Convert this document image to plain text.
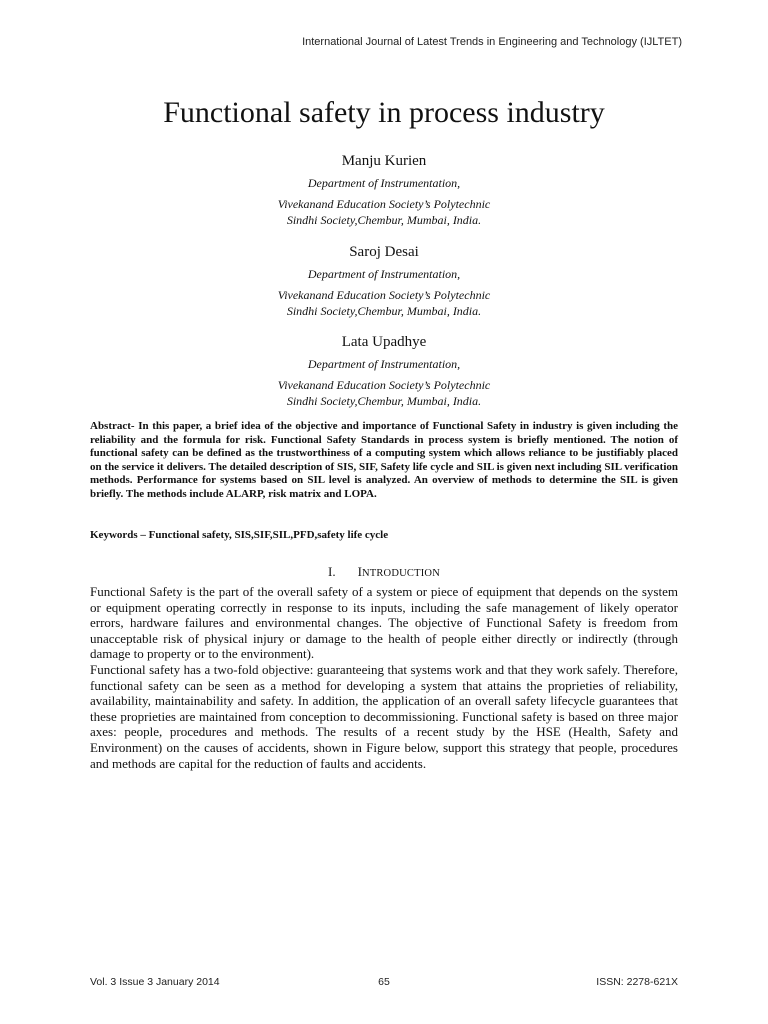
International Journal of Latest Trends in Engineering and Technology (IJLTET)
Functional safety in process industry
Manju Kurien
Department of Instrumentation,
Vivekanand Education Society’s Polytechnic
Sindhi Society,Chembur, Mumbai, India.
Saroj Desai
Department of Instrumentation,
Vivekanand Education Society’s Polytechnic
Sindhi Society,Chembur, Mumbai, India.
Lata Upadhye
Department of Instrumentation,
Vivekanand Education Society’s Polytechnic
Sindhi Society,Chembur, Mumbai, India.
Abstract- In this paper, a brief idea of the objective and importance of Functional Safety in industry is given including the reliability and the formula for risk. Functional Safety Standards in process system is briefly mentioned. The notion of functional safety can be defined as the trustworthiness of a computing system which allows reliance to be justifiably placed on the service it delivers. The detailed description of SIS, SIF, Safety life cycle and SIL is given next including SIL verification methods. Performance for systems based on SIL level is analyzed. An overview of methods to determine the SIL is given briefly. The methods include ALARP, risk matrix and LOPA.
Keywords – Functional safety, SIS,SIF,SIL,PFD,safety life cycle
I. INTRODUCTION

Functional Safety is the part of the overall safety of a system or piece of equipment that depends on the system or equipment operating correctly in response to its inputs, including the safe management of likely operator errors, hardware failures and environmental changes. The objective of Functional Safety is freedom from unacceptable risk of physical injury or damage to the health of people either directly or indirectly (through damage to property or to the environment).

Functional safety has a two-fold objective: guaranteeing that systems work and that they work safely. Therefore, functional safety can be seen as a method for developing a system that attains the proprieties of reliability, availability, maintainability and safety. In addition, the application of an overall safety lifecycle guarantees that these proprieties are maintained from conception to decommissioning. Functional safety is based on three major axes: people, procedures and methods. The results of a recent study by the HSE (Health, Safety and Environment) on the causes of accidents, shown in Figure below, support this strategy that people, procedures and methods are capital for the reduction of faults and accidents.

Vol. 3 Issue 3 January 2014	65	ISSN: 2278-621X
